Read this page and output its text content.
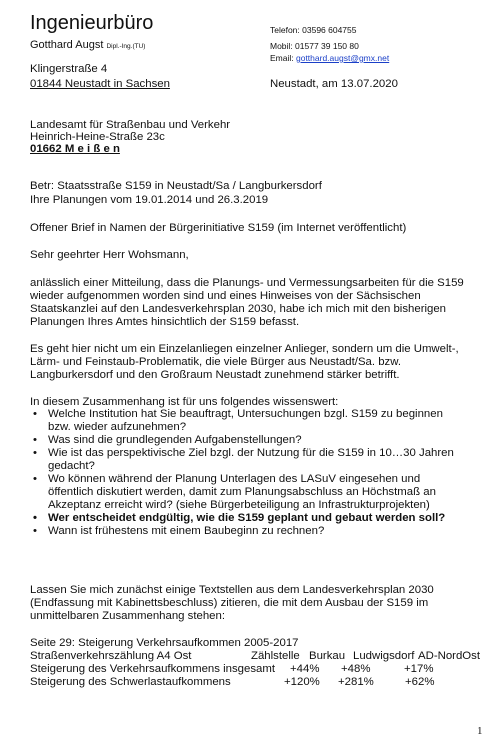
Ingenieurbüro
Gotthard Augst Dipl.-Ing.(TU)
Telefon: 03596 604755
Mobil: 01577 39 150 80
Email: gotthard.augst@gmx.net
Klingerstraße 4
01844 Neustadt in Sachsen	Neustadt, am 13.07.2020
Landesamt für Straßenbau und Verkehr
Heinrich-Heine-Straße 23c
01662 M e i ß e n
Betr: Staatsstraße S159 in Neustadt/Sa / Langburkersdorf
Ihre Planungen vom 19.01.2014 und 26.3.2019
Offener Brief in Namen der Bürgerinitiative S159 (im Internet veröffentlicht)
Sehr geehrter Herr Wohsmann,
anlässlich einer Mitteilung, dass die Planungs- und Vermessungsarbeiten für die S159
wieder aufgenommen worden sind und eines Hinweises von der Sächsischen
Staatskanzlei auf den Landesverkehrsplan 2030, habe ich mich mit den bisherigen
Planungen Ihres Amtes hinsichtlich der S159 befasst.
Es geht hier nicht um ein Einzelanliegen einzelner Anlieger, sondern um die Umwelt-,
Lärm- und Feinstaub-Problematik, die viele Bürger aus Neustadt/Sa. bzw.
Langburkersdorf und den Großraum Neustadt zunehmend stärker betrifft.
In diesem Zusammenhang ist für uns folgendes wissenswert:
• Welche Institution hat Sie beauftragt, Untersuchungen bzgl. S159 zu beginnen
bzw. wieder aufzunehmen?
• Was sind die grundlegenden Aufgabenstellungen?
• Wie ist das perspektivische Ziel bzgl. der Nutzung für die S159 in 10…30 Jahren
gedacht?
• Wo können während der Planung Unterlagen des LASuV eingesehen und
öffentlich diskutiert werden, damit zum Planungsabschluss an Höchstmaß an
Akzeptanz erreicht wird? (siehe Bürgerbeteiligung an Infrastrukturprojekten)
• Wer entscheidet endgültig, wie die S159 geplant und gebaut werden soll?
• Wann ist frühestens mit einem Baubeginn zu rechnen?
Lassen Sie mich zunächst einige Textstellen aus dem Landesverkehrsplan 2030
(Endfassung mit Kabinettsbeschluss) zitieren, die mit dem Ausbau der S159 im
unmittelbaren Zusammenhang stehen:
Seite 29: Steigerung Verkehrsaufkommen 2005-2017
Straßenverkehrszählung A4 Ost	Zählstelle Burkau Ludwigsdorf AD-NordOst
Steigerung des Verkehrsaufkommens insgesamt +44% +48%	+17%
Steigerung des Schwerlastaufkommens	+120% +281%	+62%
1
